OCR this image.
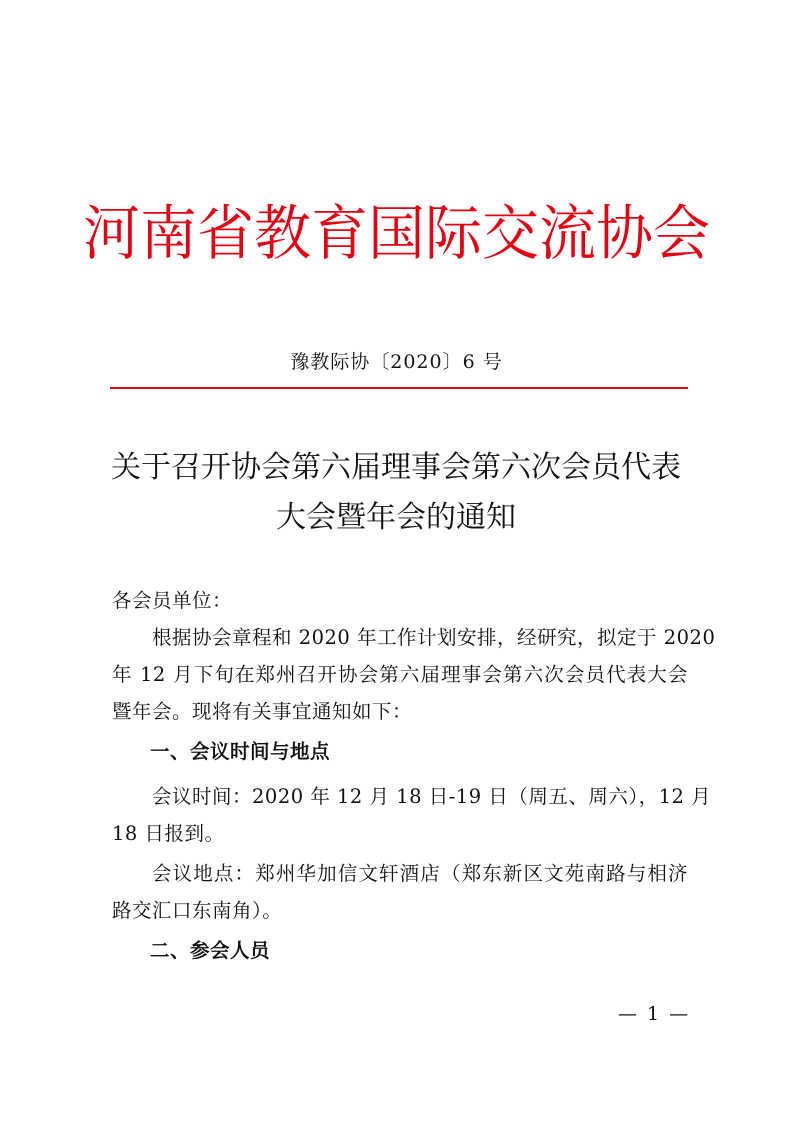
河南省教育国际交流协会
豫教际协〔2020〕6 号
关于召开协会第六届理事会第六次会员代表
大会暨年会的通知
各会员单位：
根据协会章程和 2020 年工作计划安排，经研究，拟定于 2020
年 12 月下旬在郑州召开协会第六届理事会第六次会员代表大会
暨年会。现将有关事宜通知如下：
一、会议时间与地点
会议时间：2020 年 12 月 18 日-19 日（周五、周六），12 月
18 日报到。
会议地点：郑州华加信文轩酒店（郑东新区文苑南路与相济
路交汇口东南角）。
二、参会人员
— 1 —
